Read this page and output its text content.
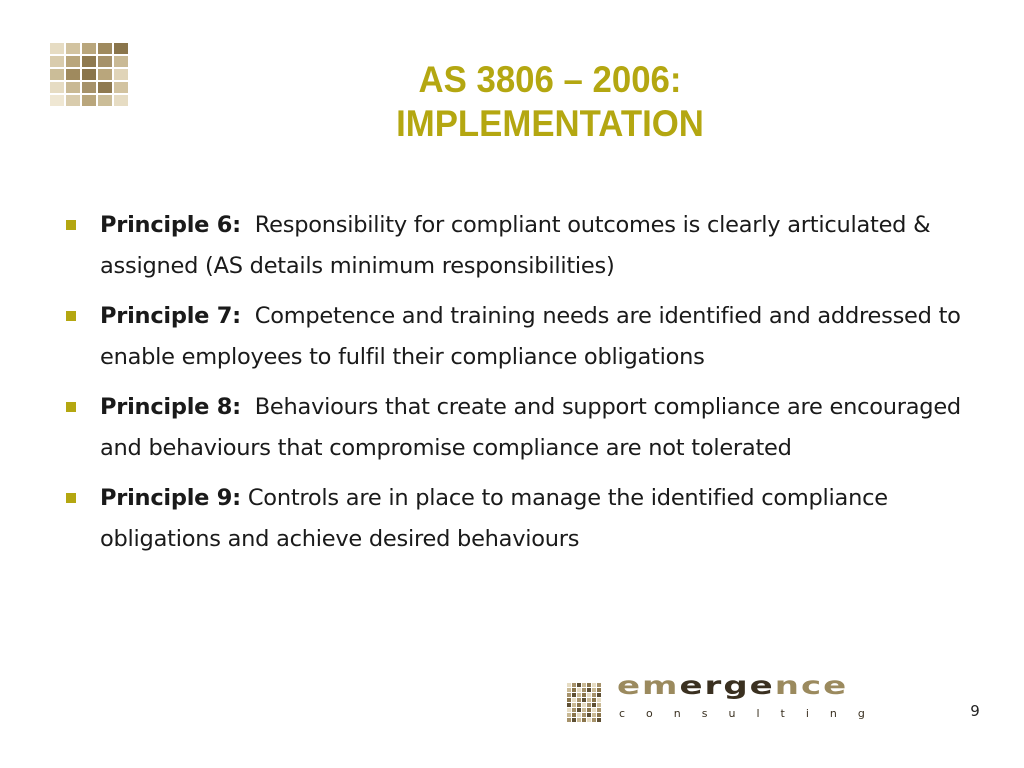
AS 3806 – 2006:
IMPLEMENTATION
Principle 6: Responsibility for compliant outcomes is clearly articulated & assigned (AS details minimum responsibilities)
Principle 7: Competence and training needs are identified and addressed to enable employees to fulfil their compliance obligations
Principle 8: Behaviours that create and support compliance are encouraged and behaviours that compromise compliance are not tolerated
Principle 9: Controls are in place to manage the identified compliance obligations and achieve desired behaviours
emergence
consulting	9
